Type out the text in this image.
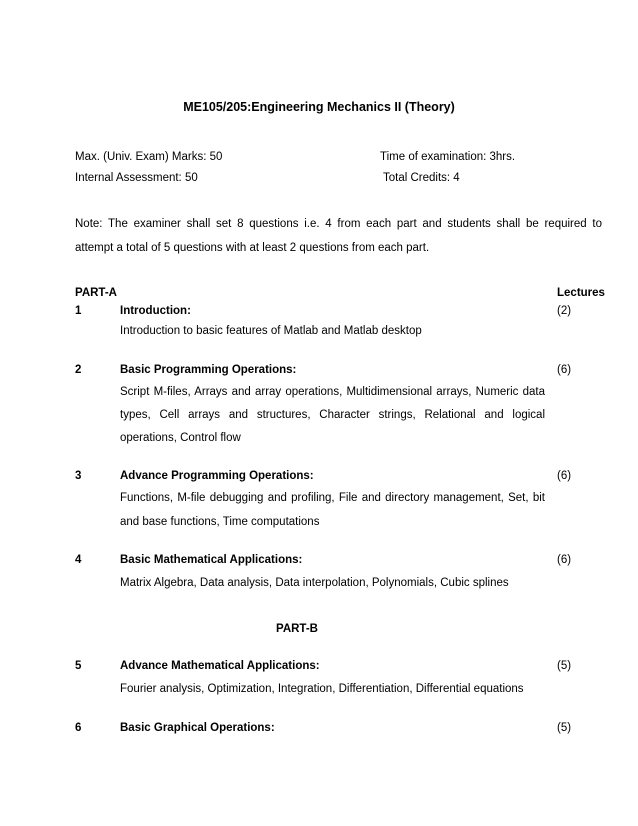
ME105/205:Engineering Mechanics II (Theory)
Max. (Univ. Exam) Marks: 50	Time of examination: 3hrs.
Internal Assessment: 50	Total Credits: 4
Note: The examiner shall set 8 questions i.e. 4 from each part and students shall be required to
attempt a total of 5 questions with at least 2 questions from each part.
PART-A	Lectures
1	Introduction:	(2)
Introduction to basic features of Matlab and Matlab desktop
2	Basic Programming Operations:	(6)
Script M-files, Arrays and array operations, Multidimensional arrays, Numeric data
types, Cell arrays and structures, Character strings, Relational and logical
operations, Control flow
3	Advance Programming Operations:	(6)
Functions, M-file debugging and profiling, File and directory management, Set, bit
and base functions, Time computations
4	Basic Mathematical Applications:	(6)
Matrix Algebra, Data analysis, Data interpolation, Polynomials, Cubic splines
PART-B
5	Advance Mathematical Applications:	(5)
Fourier analysis, Optimization, Integration, Differentiation, Differential equations
6	Basic Graphical Operations:	(5)
